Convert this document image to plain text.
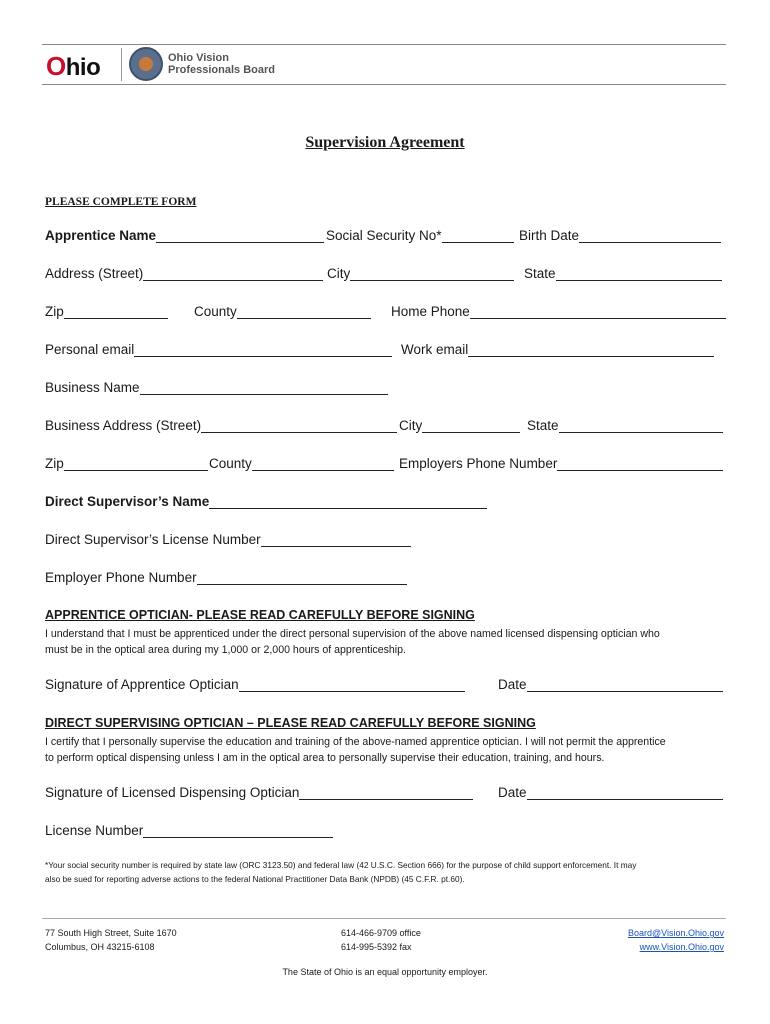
Ohio	Ohio Vision
Professionals Board
Supervision Agreement
PLEASE COMPLETE FORM
Apprentice Name	Social Security No*	Birth Date
Address (Street)	City	State
Zip	County	Home Phone
Personal email	Work email
Business Name
Business Address (Street)	City	State
Zip	County	Employers Phone Number
Direct Supervisor’s Name
Direct Supervisor’s License Number
Employer Phone Number
APPRENTICE OPTICIAN- PLEASE READ CAREFULLY BEFORE SIGNING
I understand that I must be apprenticed under the direct personal supervision of the above named licensed dispensing optician who
must be in the optical area during my 1,000 or 2,000 hours of apprenticeship.
Signature of Apprentice Optician	Date
DIRECT SUPERVISING OPTICIAN – PLEASE READ CAREFULLY BEFORE SIGNING
I certify that I personally supervise the education and training of the above-named apprentice optician. I will not permit the apprentice
to perform optical dispensing unless I am in the optical area to personally supervise their education, training, and hours.
Signature of Licensed Dispensing Optician	Date
License Number
*Your social security number is required by state law (ORC 3123.50) and federal law (42 U.S.C. Section 666) for the purpose of child support enforcement. It may
also be sued for reporting adverse actions to the federal National Practitioner Data Bank (NPDB) (45 C.F.R. pt.60).
77 South High Street, Suite 1670
Columbus, OH 43215-6108
614-466-9709 office
614-995-5392 fax
Board@Vision.Ohio.gov
www.Vision.Ohio.gov
The State of Ohio is an equal opportunity employer.
